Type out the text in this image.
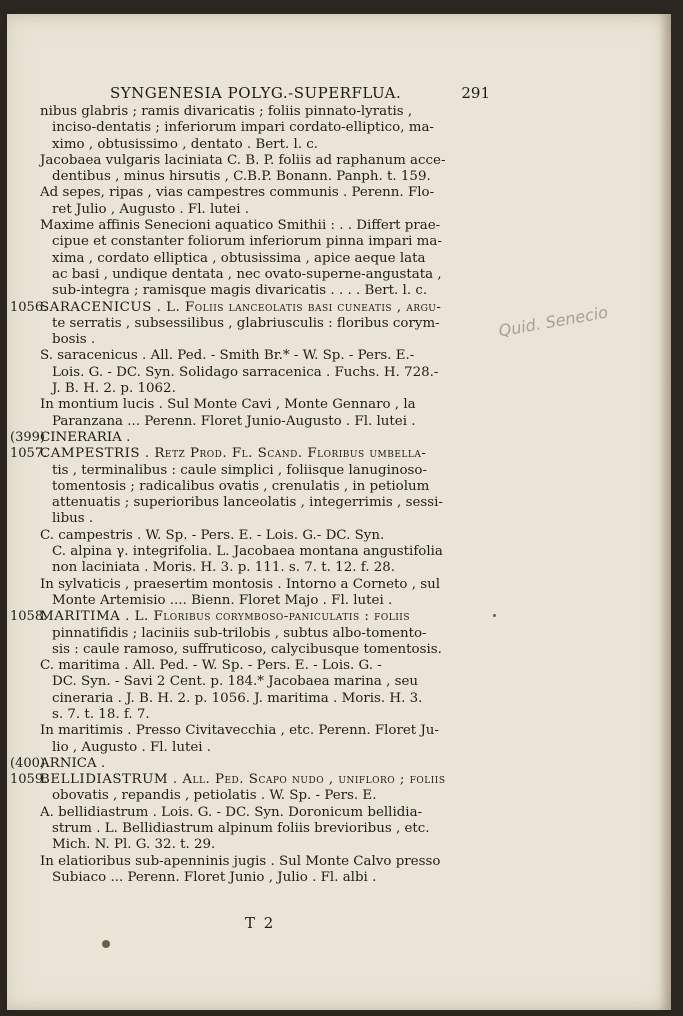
SYNGENESIA POLYG.-SUPERFLUA.	291
nibus glabris ; ramis divaricatis ; foliis pinnato-lyratis ,
inciso-dentatis ; inferiorum impari cordato-elliptico, ma-
ximo , obtusissimo , dentato . Bert. l. c.
Jacobaea vulgaris laciniata C. B. P. foliis ad raphanum acce-
dentibus , minus hirsutis , C.B.P. Bonann. Panph. t. 159.
Ad sepes, ripas , vias campestres communis . Perenn. Flo-
ret Julio , Augusto . Fl. lutei .
Maxime affinis Senecioni aquatico Smithii : . . Differt prae-
cipue et constanter foliorum inferiorum pinna impari ma-
xima , cordato elliptica , obtusissima , apice aeque lata
ac basi , undique dentata , nec ovato-superne-angustata ,
sub-integra ; ramisque magis divaricatis . . . . Bert. l. c.
1056.
SARACENICUS . L. Foliis lanceolatis basi cuneatis , argu-
te serratis , subsessilibus , glabriusculis : floribus corym-
bosis .
S. saracenicus . All. Ped. - Smith Br.* - W. Sp. - Pers. E.-
Lois. G. - DC. Syn. Solidago sarracenica . Fuchs. H. 728.-
J. B. H. 2. p. 1062.
In montium lucis . Sul Monte Cavi , Monte Gennaro , la
Paranzana ... Perenn. Floret Junio-Augusto . Fl. lutei .
(399)
CINERARIA .
1057.
CAMPESTRIS . Retz Prod. Fl. Scand. Floribus umbella-
tis , terminalibus : caule simplici , foliisque lanuginoso-
tomentosis ; radicalibus ovatis , crenulatis , in petiolum
attenuatis ; superioribus lanceolatis , integerrimis , sessi-
libus .
C. campestris . W. Sp. - Pers. E. - Lois. G.- DC. Syn.
C. alpina γ. integrifolia. L. Jacobaea montana angustifolia
non laciniata . Moris. H. 3. p. 111. s. 7. t. 12. f. 28.
In sylvaticis , praesertim montosis . Intorno a Corneto , sul
Monte Artemisio .... Bienn. Floret Majo . Fl. lutei .
1058.
MARITIMA . L. Floribus corymboso-paniculatis : foliis
pinnatifidis ; laciniis sub-trilobis , subtus albo-tomento-
sis : caule ramoso, suffruticoso, calycibusque tomentosis.
C. maritima . All. Ped. - W. Sp. - Pers. E. - Lois. G. -
DC. Syn. - Savi 2 Cent. p. 184.* Jacobaea marina , seu
cineraria . J. B. H. 2. p. 1056. J. maritima . Moris. H. 3.
s. 7. t. 18. f. 7.
In maritimis . Presso Civitavecchia , etc. Perenn. Floret Ju-
lio , Augusto . Fl. lutei .
(400)
ARNICA .
1059.
BELLIDIASTRUM . All. Ped. Scapo nudo , unifloro ; foliis
obovatis , repandis , petiolatis . W. Sp. - Pers. E.
A. bellidiastrum . Lois. G. - DC. Syn. Doronicum bellidia-
strum . L. Bellidiastrum alpinum foliis brevioribus , etc.
Mich. N. Pl. G. 32. t. 29.
In elatioribus sub-apenninis jugis . Sul Monte Calvo presso
Subiaco ... Perenn. Floret Junio , Julio . Fl. albi .
T 2
Quid. Senecio
